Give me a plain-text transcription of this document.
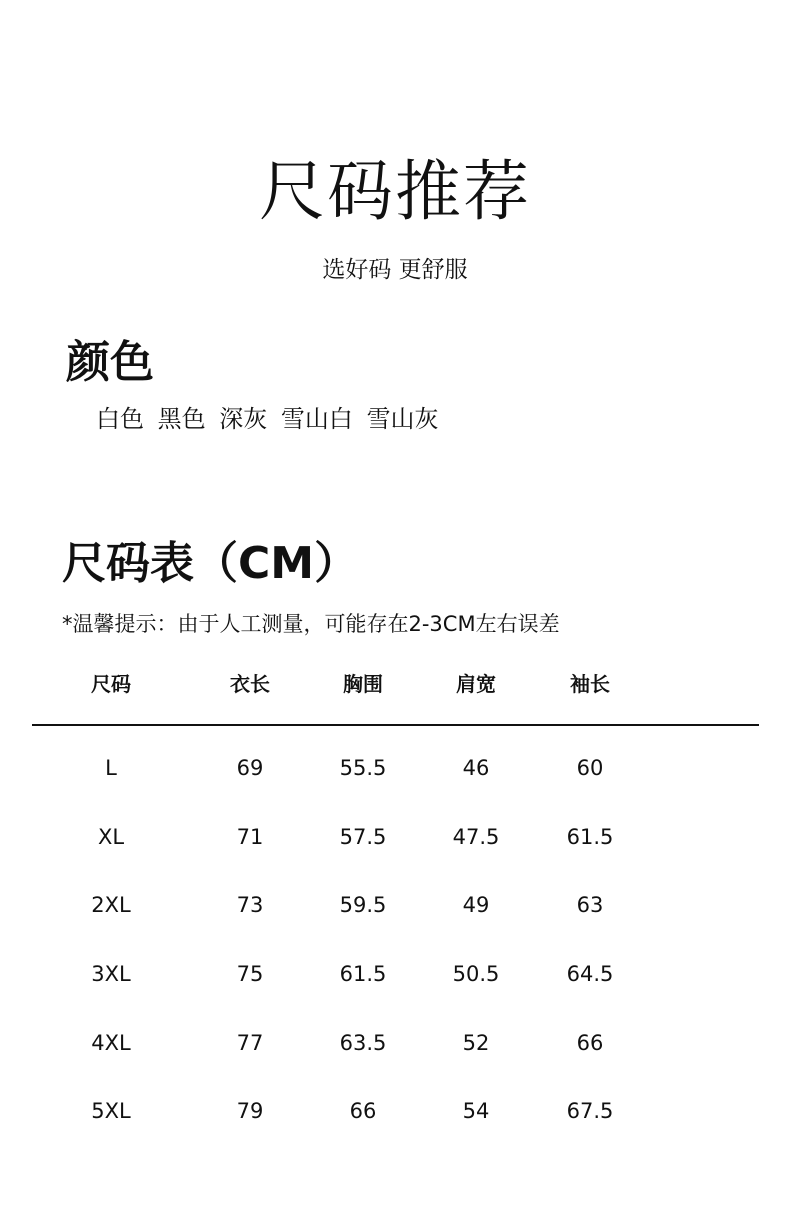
尺码推荐
选好码 更舒服
颜色
白色 黑色 深灰 雪山白 雪山灰
尺码表（CM）
*温馨提示：由于人工测量，可能存在2-3CM左右误差
尺码	衣长	胸围	肩宽	袖长
L	69	55.5	46	60
XL	71	57.5	47.5	61.5
2XL	73	59.5	49	63
3XL	75	61.5	50.5	64.5
4XL	77	63.5	52	66
5XL	79	66	54	67.5
